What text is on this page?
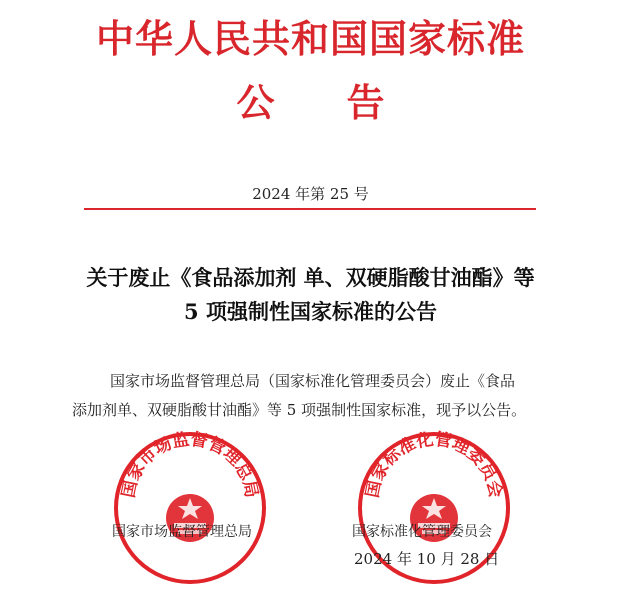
中华人民共和国国家标准
公告
2024 年第 25 号
关于废止《食品添加剂 单、双硬脂酸甘油酯》等
5 项强制性国家标准的公告
国家市场监督管理总局（国家标准化管理委员会）废止《食品
添加剂单、双硬脂酸甘油酯》等 5 项强制性国家标准，现予以公告。
国家市场监督管理总局	国家标准化管理委员会
国家市场监督管理总局	国家标准化管理委员会
2024 年 10 月 28 日
